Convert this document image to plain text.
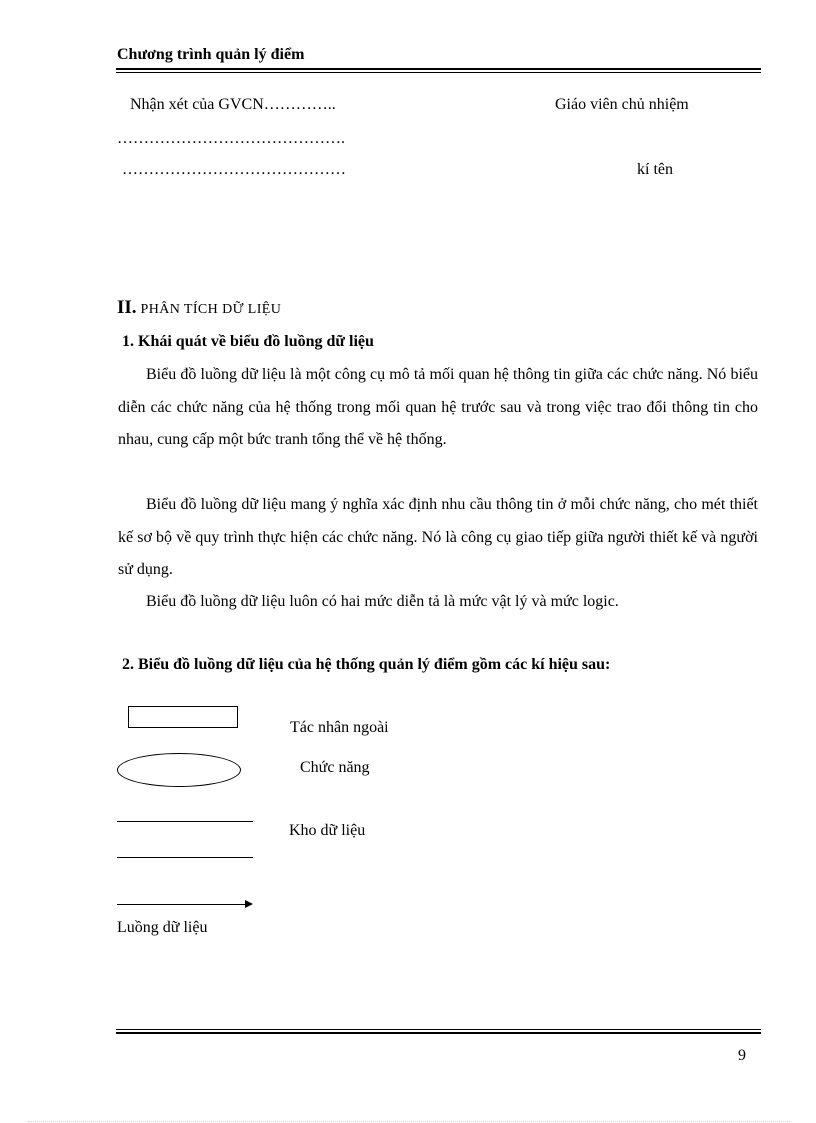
Chương trình quản lý điểm
Nhận xét của GVCN…………..	Giáo viên chủ nhiệm
…………………………………….
……………………………………	kí tên
II. PHÂN TÍCH DỮ LIỆU
1. Khái quát về biểu đồ luồng dữ liệu
Biểu đồ luồng dữ liệu là một công cụ mô tả mối quan hệ thông tin giữa các chức năng. Nó biểu diễn các chức năng của hệ thống trong mối quan hệ trước sau và trong việc trao đổi thông tin cho nhau, cung cấp một bức tranh tổng thể về hệ thống.
Biểu đồ luồng dữ liệu mang ý nghĩa xác định nhu cầu thông tin ở mỗi chức năng, cho mét thiết kế sơ bộ về quy trình thực hiện các chức năng. Nó là công cụ giao tiếp giữa người thiết kế và người sử dụng.
Biểu đồ luồng dữ liệu luôn có hai mức diễn tả là mức vật lý và mức logic.
2. Biểu đồ luồng dữ liệu của hệ thống quản lý điểm gồm các kí hiệu sau:
Tác nhân ngoài
Chức năng
Kho dữ liệu
Luồng dữ liệu
9
